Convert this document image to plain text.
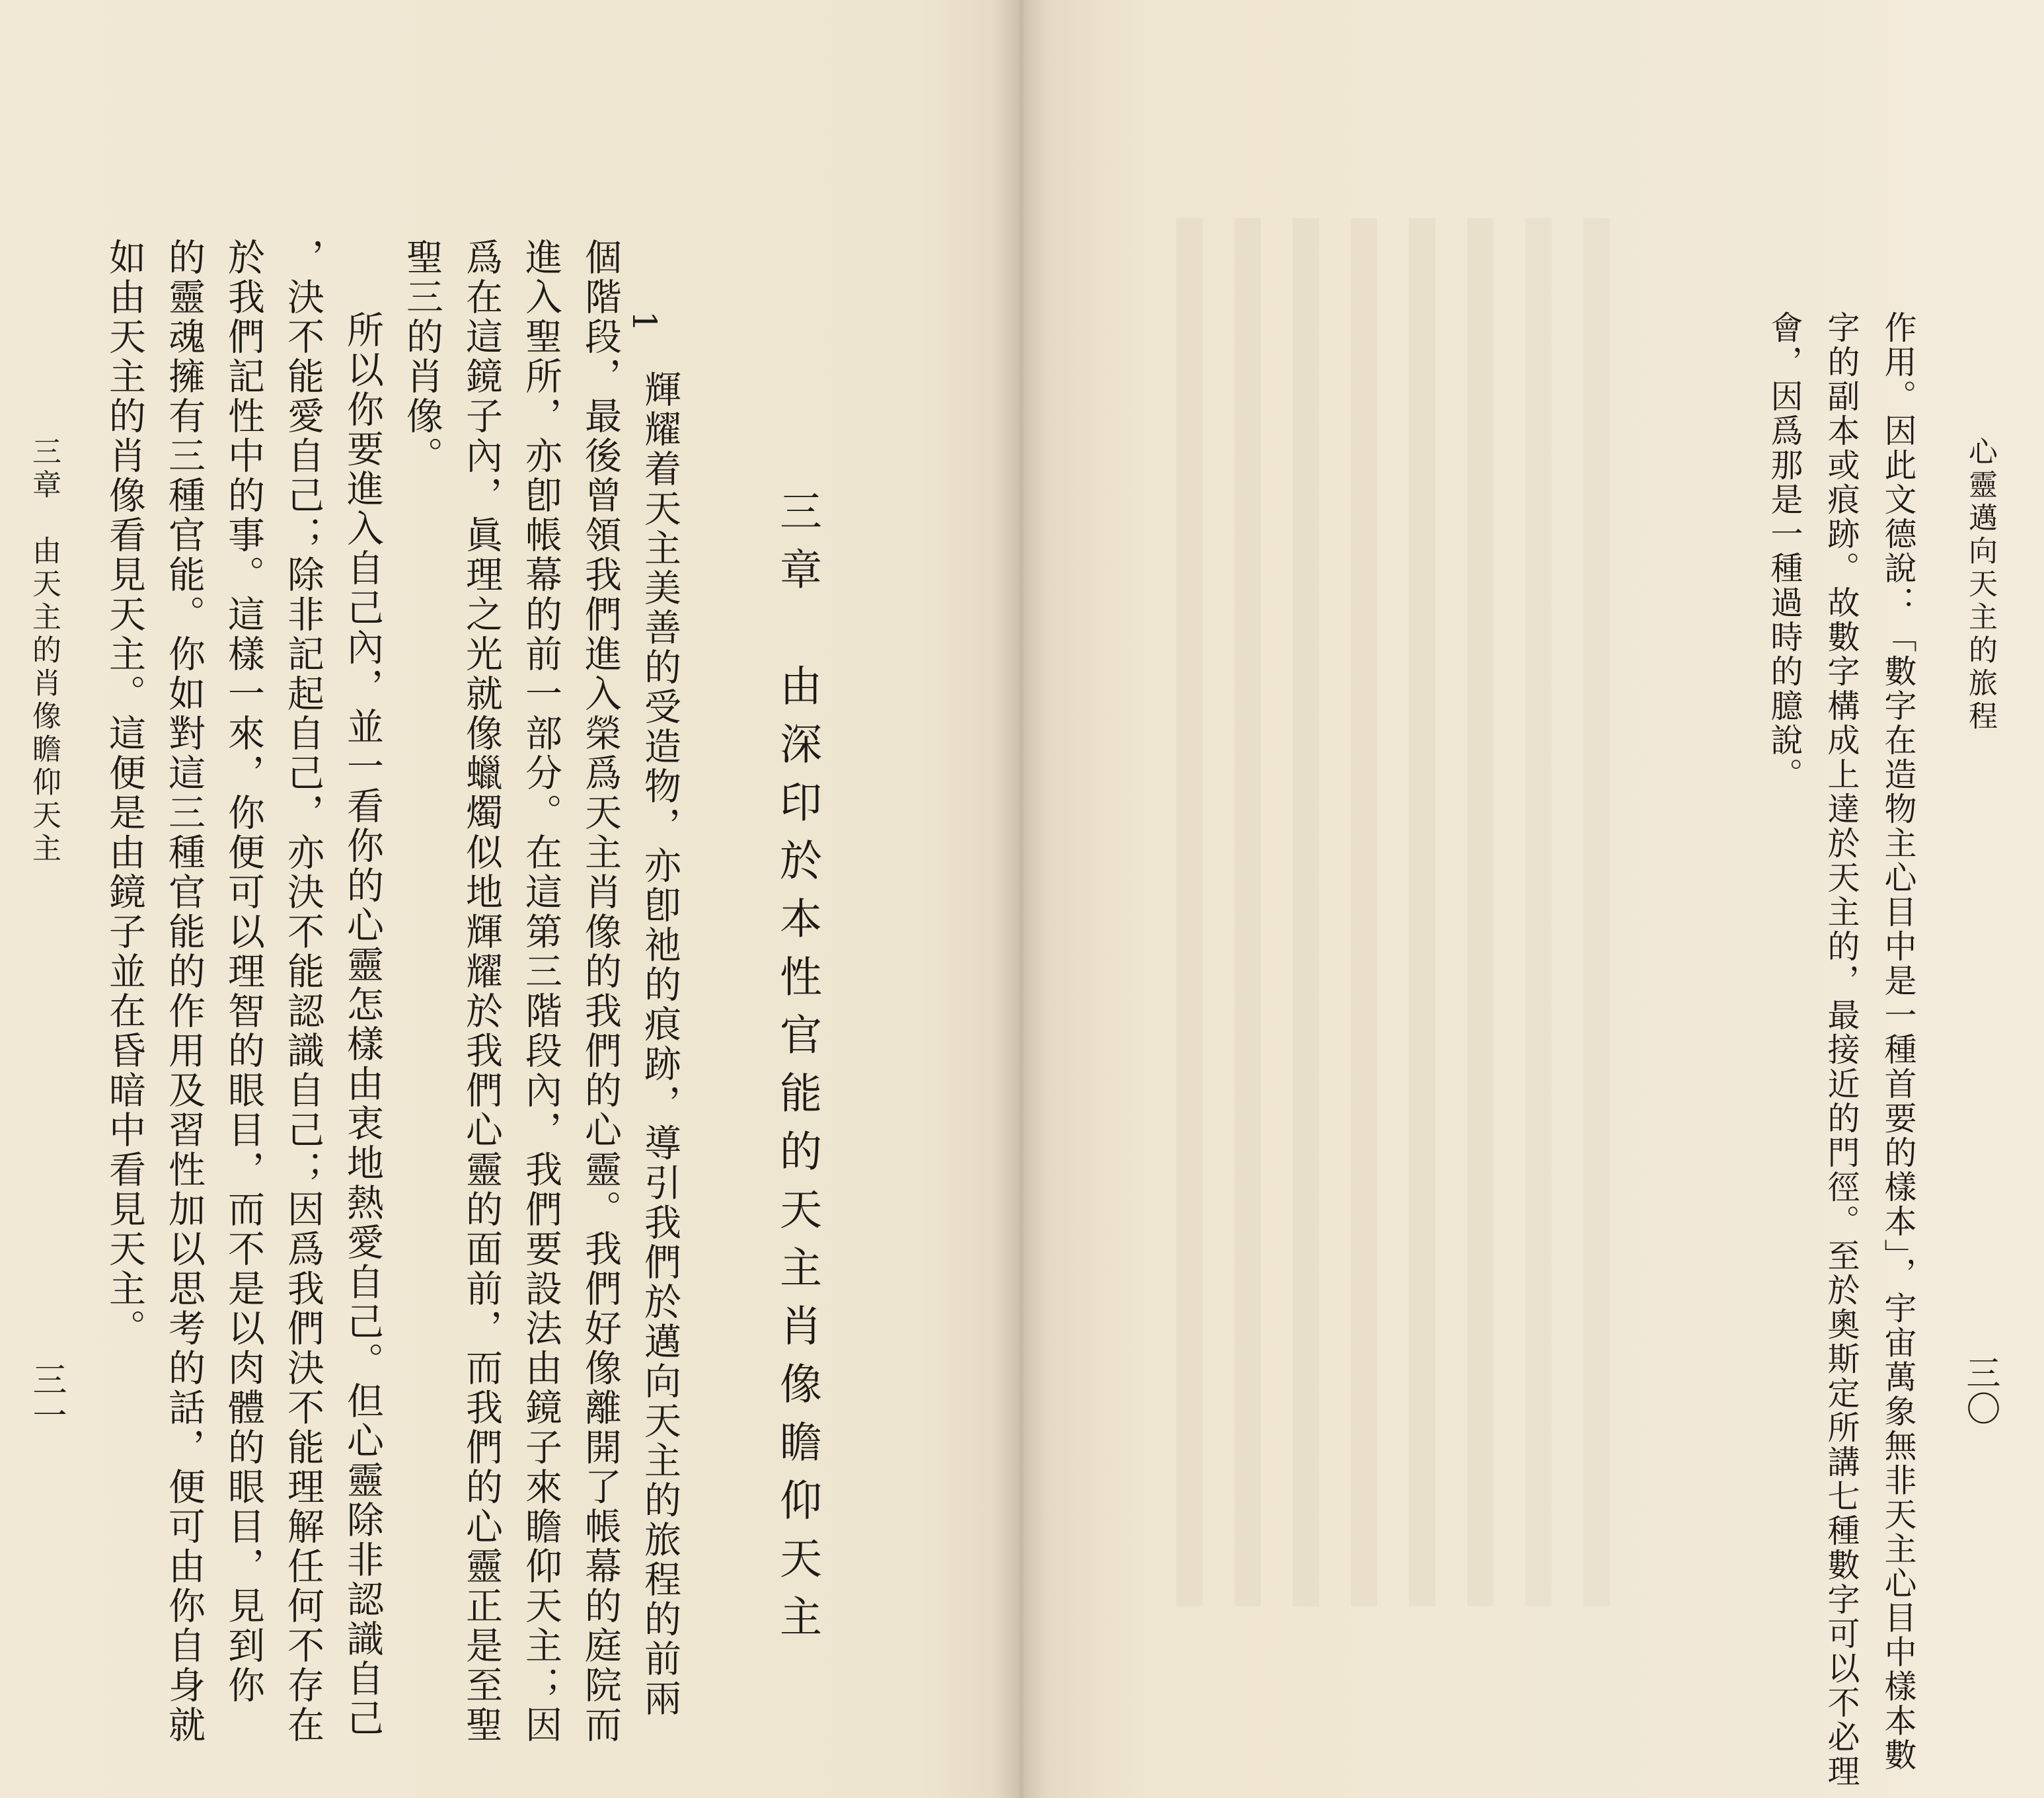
三章　由深印於本性官能的天主肖像瞻仰天主
1
輝耀着天主美善的受造物，亦卽祂的痕跡，導引我們於邁向天主的旅程的前兩
個階段，最後曾領我們進入榮爲天主肖像的我們的心靈。我們好像離開了帳幕的庭院而
進入聖所，亦卽帳幕的前一部分。在這第三階段內，我們要設法由鏡子來瞻仰天主；因
爲在這鏡子內，眞理之光就像蠟燭似地輝耀於我們心靈的面前，而我們的心靈正是至聖
聖三的肖像。
所以你要進入自己內，並一看你的心靈怎樣由衷地熱愛自己。但心靈除非認識自己
，決不能愛自己；除非記起自己，亦決不能認識自己；因爲我們決不能理解任何不存在
於我們記性中的事。這樣一來，你便可以理智的眼目，而不是以肉體的眼目，見到你
的靈魂擁有三種官能。你如對這三種官能的作用及習性加以思考的話，便可由你自身就
如由天主的肖像看見天主。這便是由鏡子並在昏暗中看見天主。
三章　由天主的肖像瞻仰天主
三一
心靈邁向天主的旅程
三〇
作用。因此文德說：「數字在造物主心目中是一種首要的樣本」，宇宙萬象無非天主心目中樣本數
字的副本或痕跡。故數字構成上達於天主的，最接近的門徑。至於奧斯定所講七種數字可以不必理
會，因爲那是一種過時的臆說。
